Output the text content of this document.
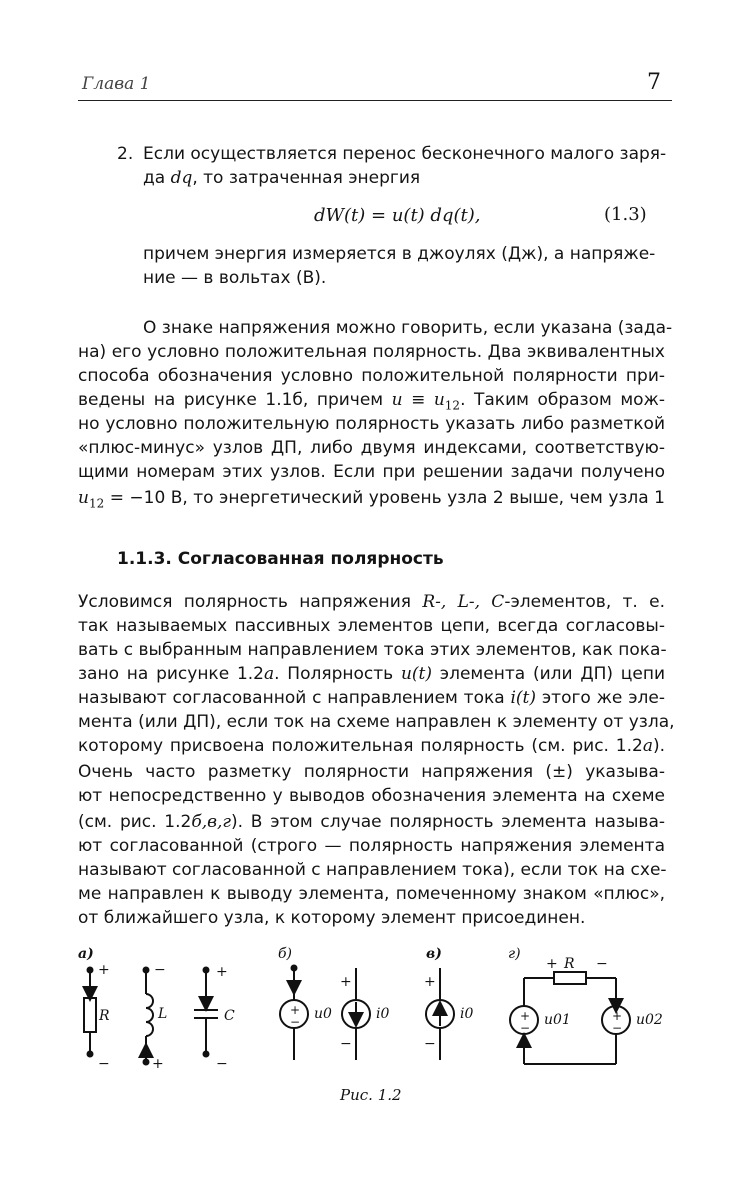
Глава 1	7
2. Если осуществляется перенос бесконечного малого заря-
да dq, то затраченная энергия
dW(t) = u(t) dq(t),	(1.3)
причем энергия измеряется в джоулях (Дж), а напряже-
ние — в вольтах (В).
О знаке напряжения можно говорить, если указана (зада-
на) его условно положительная полярность. Два эквивалентных
способа обозначения условно положительной полярности при-
ведены на рисунке 1.1б, причем $u \equiv u_{12}$. Таким образом мож-
но условно положительную полярность указать либо разметкой
«плюс-минус» узлов ДП, либо двумя индексами, соответствую-
щими номерам этих узлов. Если при решении задачи получено
$u_{12} = -10$ В, то энергетический уровень узла 2 выше, чем узла 1
1.1.3. Согласованная полярность
Условимся полярность напряжения R-, L-, C-элементов, т. е.
так называемых пассивных элементов цепи, всегда согласовы-
вать с выбранным направлением тока этих элементов, как пока-
зано на рисунке 1.2a. Полярность u(t) элемента (или ДП) цепи
называют согласованной с направлением тока i(t) этого же эле-
мента (или ДП), если ток на схеме направлен к элементу от узла,
которому присвоена положительная полярность (см. рис. 1.2a).
Очень часто разметку полярности напряжения (±) указыва-
ют непосредственно у выводов обозначения элемента на схеме
(см. рис. 1.2б,в,г). В этом случае полярность элемента называ-
ют согласованной (строго — полярность напряжения элемента
называют согласованной с направлением тока), если ток на схе-
ме направлен к выводу элемента, помеченному знаком «плюс»,
от ближайшего узла, к которому элемент присоединен.
а)
+
−
R
−
+
L
+
−
C
б)
+
− u0
+
−
i0
в)
+
−
i0
г)
+ R −
+
− u01	+
− u02
Рис. 1.2
